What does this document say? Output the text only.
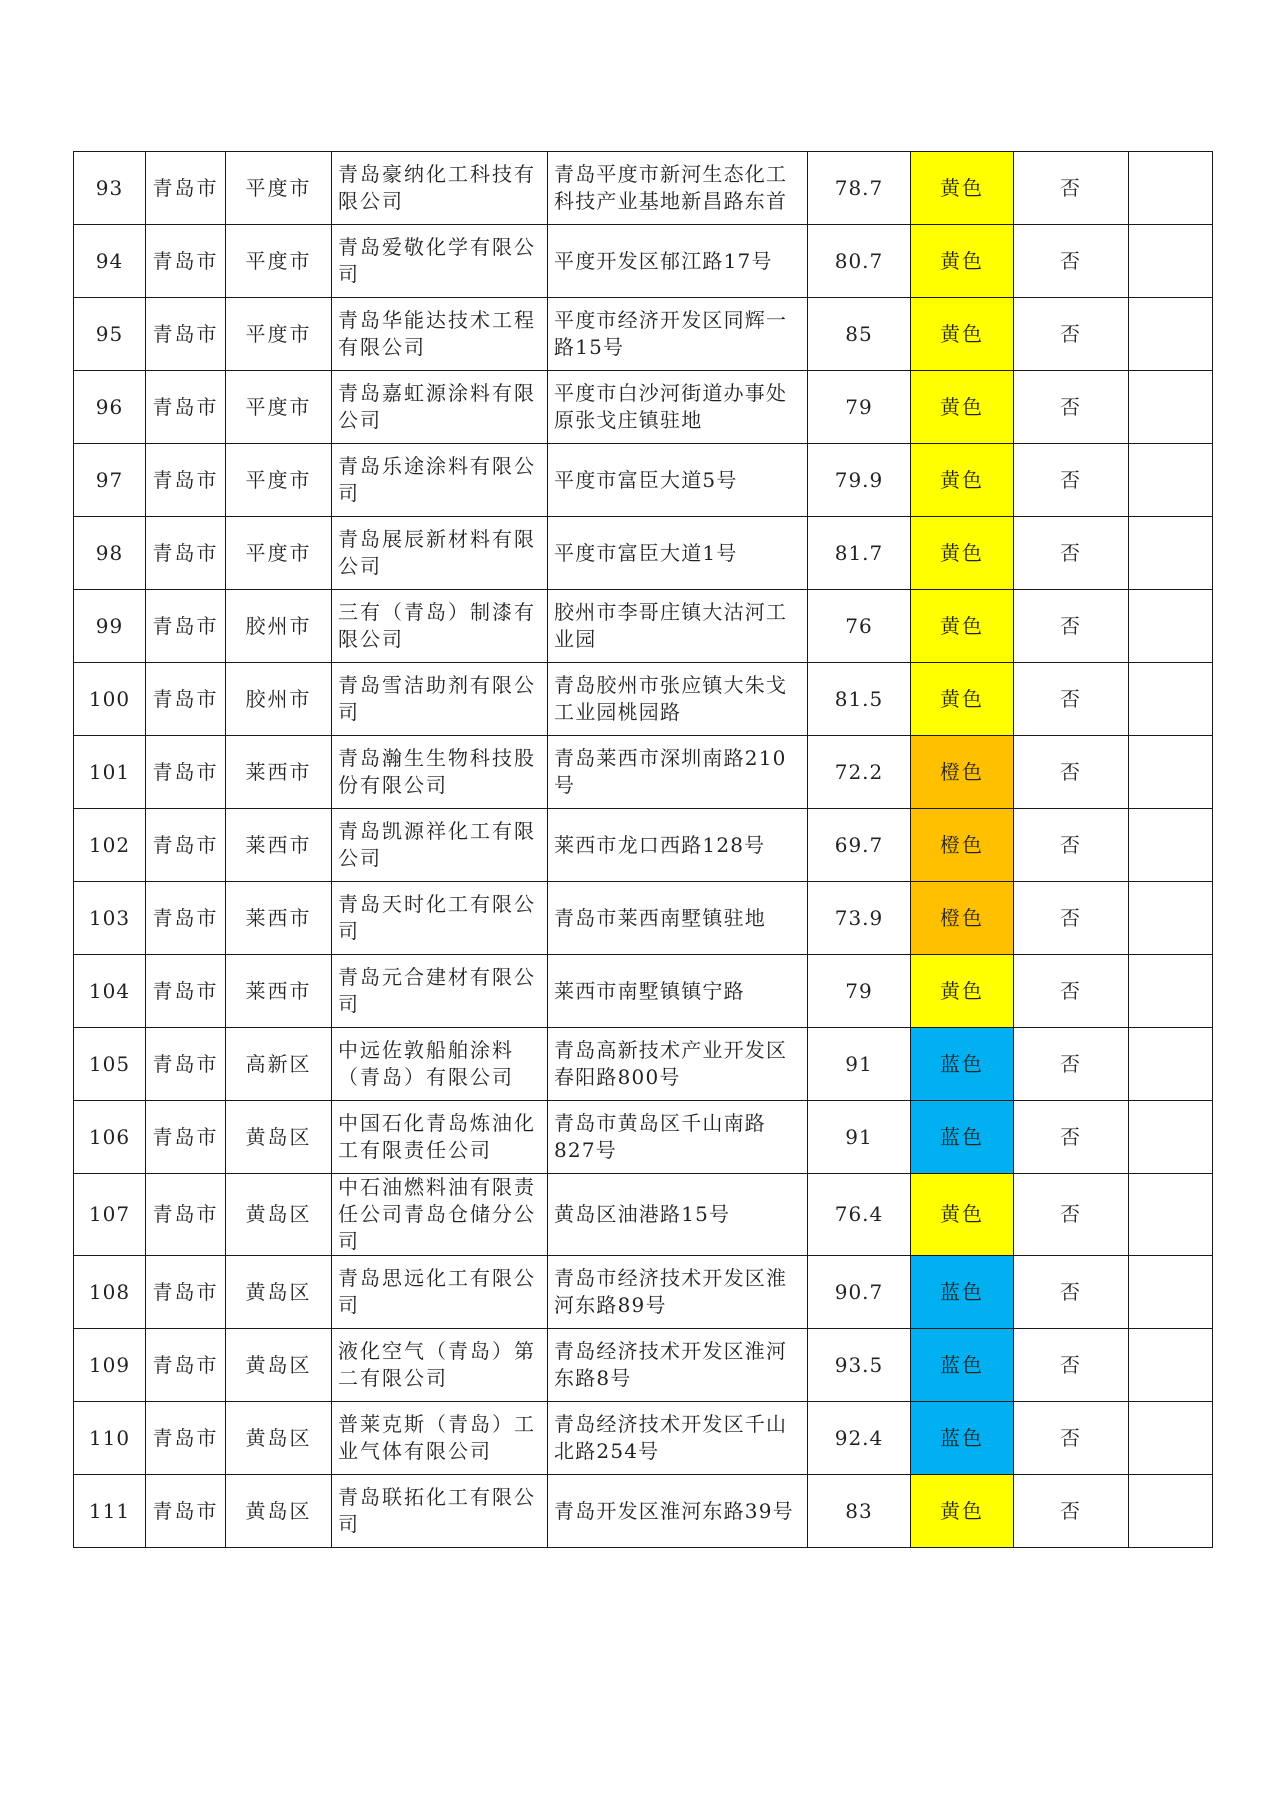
93	青岛市	平度市	青岛豪纳化工科技有限公司	青岛平度市新河生态化工科技产业基地新昌路东首	78.7	黄色	否	
94	青岛市	平度市	青岛爱敬化学有限公司	平度开发区郁江路17号	80.7	黄色	否	
95	青岛市	平度市	青岛华能达技术工程有限公司	平度市经济开发区同辉一路15号	85	黄色	否	
96	青岛市	平度市	青岛嘉虹源涂料有限公司	平度市白沙河街道办事处原张戈庄镇驻地	79	黄色	否	
97	青岛市	平度市	青岛乐途涂料有限公司	平度市富臣大道5号	79.9	黄色	否	
98	青岛市	平度市	青岛展辰新材料有限公司	平度市富臣大道1号	81.7	黄色	否	
99	青岛市	胶州市	三有（青岛）制漆有限公司	胶州市李哥庄镇大沽河工业园	76	黄色	否	
100	青岛市	胶州市	青岛雪洁助剂有限公司	青岛胶州市张应镇大朱戈工业园桃园路	81.5	黄色	否	
101	青岛市	莱西市	青岛瀚生生物科技股份有限公司	青岛莱西市深圳南路210号	72.2	橙色	否	
102	青岛市	莱西市	青岛凯源祥化工有限公司	莱西市龙口西路128号	69.7	橙色	否	
103	青岛市	莱西市	青岛天时化工有限公司	青岛市莱西南墅镇驻地	73.9	橙色	否	
104	青岛市	莱西市	青岛元合建材有限公司	莱西市南墅镇镇宁路	79	黄色	否	
105	青岛市	高新区	中远佐敦船舶涂料（青岛）有限公司	青岛高新技术产业开发区春阳路800号	91	蓝色	否	
106	青岛市	黄岛区	中国石化青岛炼油化工有限责任公司	青岛市黄岛区千山南路827号	91	蓝色	否	
107	青岛市	黄岛区	中石油燃料油有限责任公司青岛仓储分公司	黄岛区油港路15号	76.4	黄色	否	
108	青岛市	黄岛区	青岛思远化工有限公司	青岛市经济技术开发区淮河东路89号	90.7	蓝色	否	
109	青岛市	黄岛区	液化空气（青岛）第二有限公司	青岛经济技术开发区淮河东路8号	93.5	蓝色	否	
110	青岛市	黄岛区	普莱克斯（青岛）工业气体有限公司	青岛经济技术开发区千山北路254号	92.4	蓝色	否	
111	青岛市	黄岛区	青岛联拓化工有限公司	青岛开发区淮河东路39号	83	黄色	否	
